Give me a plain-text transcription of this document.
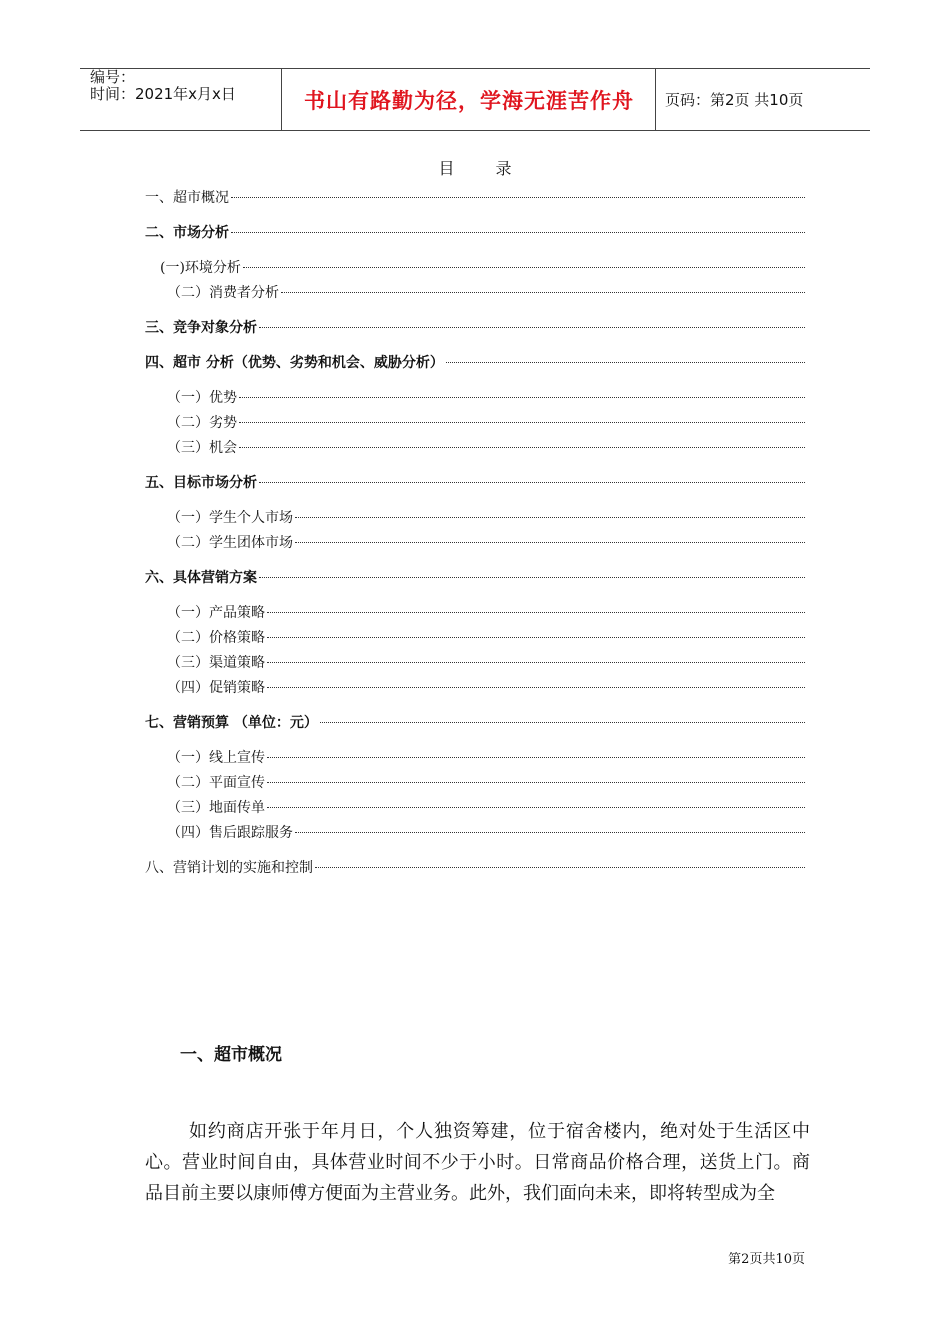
编号：
时间：2021年x月x日	书山有路勤为径，学海无涯苦作舟	页码：第2页 共10页
目 录
一、超市概况
二、市场分析
(一)环境分析
（二）消费者分析
三、竞争对象分析
四、超市 分析（优势、劣势和机会、威胁分析）
（一）优势
（二）劣势
（三）机会
五、目标市场分析
（一）学生个人市场
（二）学生团体市场
六、具体营销方案
（一）产品策略
（二）价格策略
（三）渠道策略
（四）促销策略
七、营销预算 （单位：元）
（一）线上宣传
（二）平面宣传
（三）地面传单
（四）售后跟踪服务
八、营销计划的实施和控制
一、超市概况
如约商店开张于年月日，个人独资筹建，位于宿舍楼内，绝对处于生活区中心。营业时间自由，具体营业时间不少于小时。日常商品价格合理，送货上门。商品目前主要以康师傅方便面为主营业务。此外，我们面向未来，即将转型成为全
第2页共10页
